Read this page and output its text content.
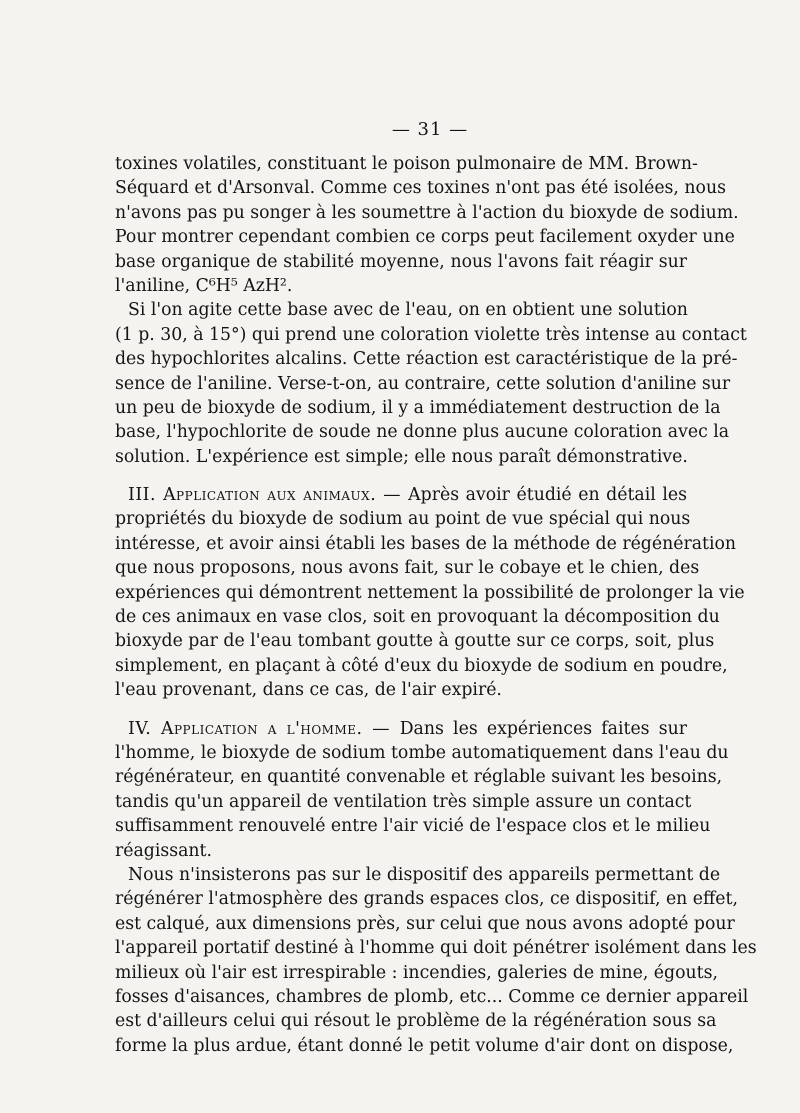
— 31 —
toxines volatiles, constituant le poison pulmonaire de MM. Brown-
Séquard et d'Arsonval. Comme ces toxines n'ont pas été isolées, nous
n'avons pas pu songer à les soumettre à l'action du bioxyde de sodium.
Pour montrer cependant combien ce corps peut facilement oxyder une
base organique de stabilité moyenne, nous l'avons fait réagir sur
l'aniline, C⁶H⁵ AzH².
Si l'on agite cette base avec de l'eau, on en obtient une solution
(1 p. 30, à 15°) qui prend une coloration violette très intense au contact
des hypochlorites alcalins. Cette réaction est caractéristique de la pré-
sence de l'aniline. Verse-t-on, au contraire, cette solution d'aniline sur
un peu de bioxyde de sodium, il y a immédiatement destruction de la
base, l'hypochlorite de soude ne donne plus aucune coloration avec la
solution. L'expérience est simple; elle nous paraît démonstrative.
III. Application aux animaux. — Après avoir étudié en détail les
propriétés du bioxyde de sodium au point de vue spécial qui nous
intéresse, et avoir ainsi établi les bases de la méthode de régénération
que nous proposons, nous avons fait, sur le cobaye et le chien, des
expériences qui démontrent nettement la possibilité de prolonger la vie
de ces animaux en vase clos, soit en provoquant la décomposition du
bioxyde par de l'eau tombant goutte à goutte sur ce corps, soit, plus
simplement, en plaçant à côté d'eux du bioxyde de sodium en poudre,
l'eau provenant, dans ce cas, de l'air expiré.
IV. Application a l'homme. — Dans les expériences faites sur
l'homme, le bioxyde de sodium tombe automatiquement dans l'eau du
régénérateur, en quantité convenable et réglable suivant les besoins,
tandis qu'un appareil de ventilation très simple assure un contact
suffisamment renouvelé entre l'air vicié de l'espace clos et le milieu
réagissant.
Nous n'insisterons pas sur le dispositif des appareils permettant de
régénérer l'atmosphère des grands espaces clos, ce dispositif, en effet,
est calqué, aux dimensions près, sur celui que nous avons adopté pour
l'appareil portatif destiné à l'homme qui doit pénétrer isolément dans les
milieux où l'air est irrespirable : incendies, galeries de mine, égouts,
fosses d'aisances, chambres de plomb, etc... Comme ce dernier appareil
est d'ailleurs celui qui résout le problème de la régénération sous sa
forme la plus ardue, étant donné le petit volume d'air dont on dispose,
